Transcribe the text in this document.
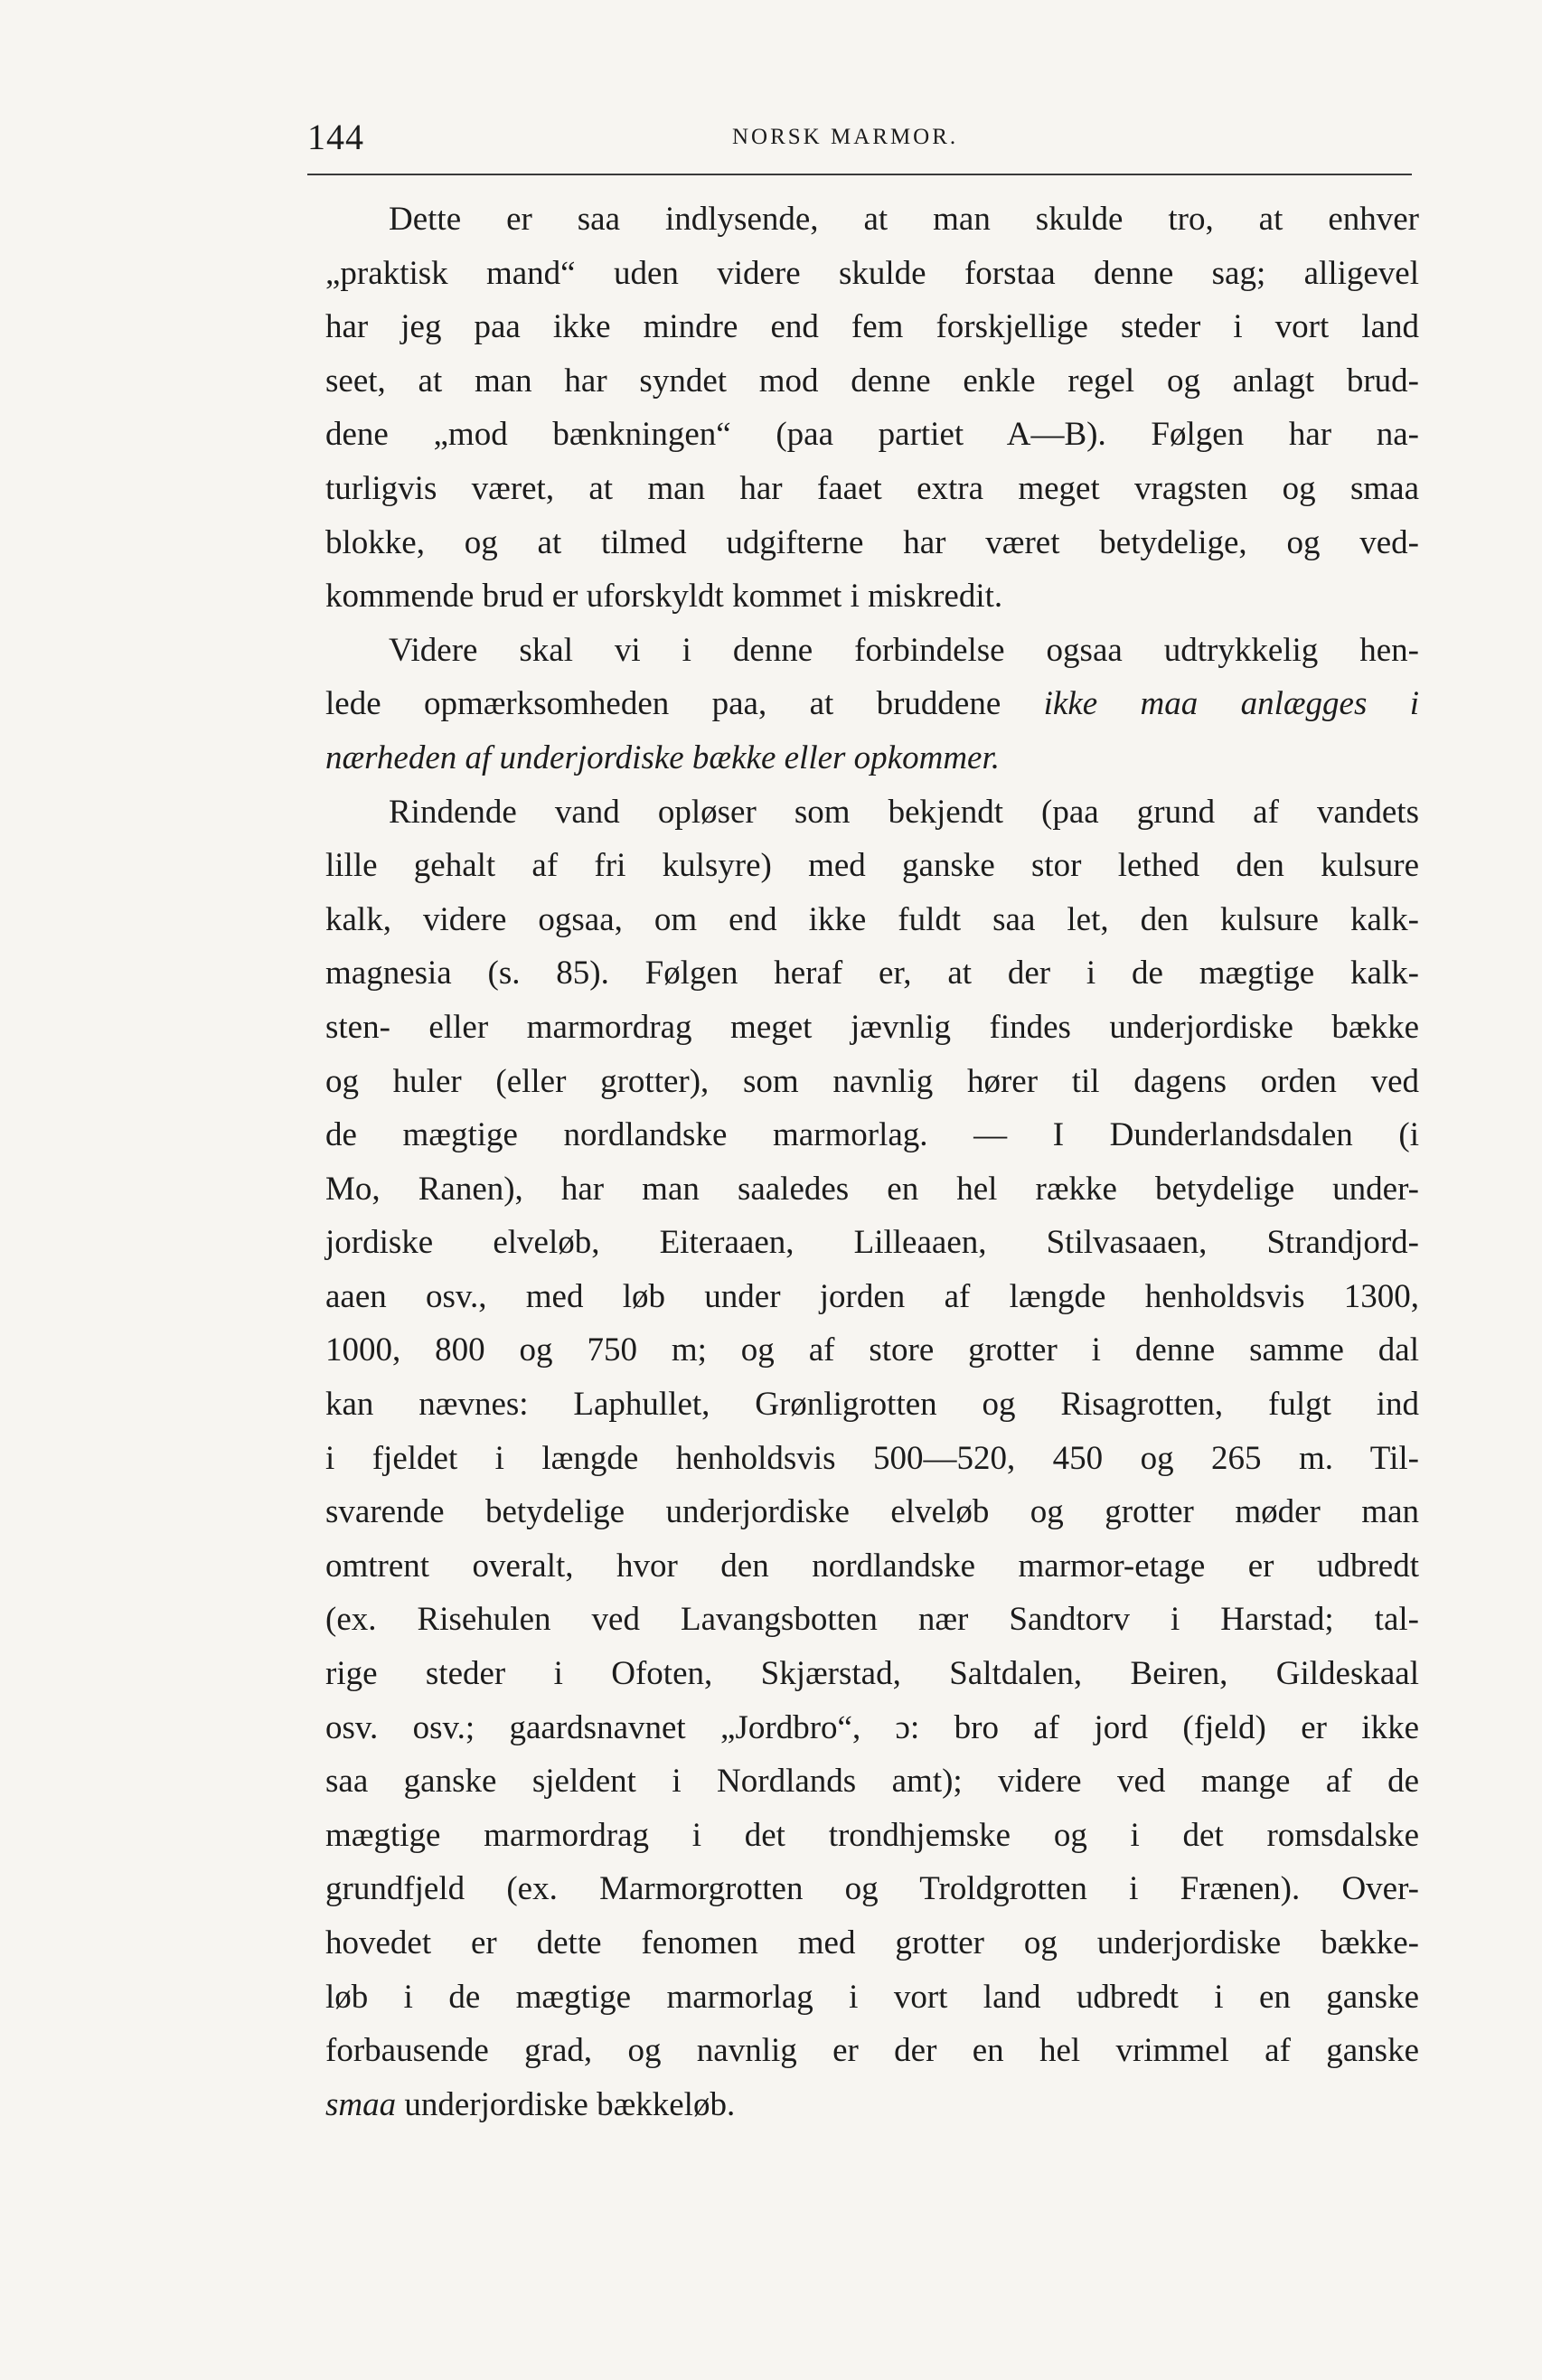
144	NORSK MARMOR.
Dette er saa indlysende, at man skulde tro, at enhver
„praktisk mand“ uden videre skulde forstaa denne sag; alligevel
har jeg paa ikke mindre end fem forskjellige steder i vort land
seet, at man har syndet mod denne enkle regel og anlagt brud-
dene „mod bænkningen“ (paa partiet A—B). Følgen har na-
turligvis været, at man har faaet extra meget vragsten og smaa
blokke, og at tilmed udgifterne har været betydelige, og ved-
kommende brud er uforskyldt kommet i miskredit.
Videre skal vi i denne forbindelse ogsaa udtrykkelig hen-
lede opmærksomheden paa, at bruddene ikke maa anlægges i
nærheden af underjordiske bække eller opkommer.
Rindende vand opløser som bekjendt (paa grund af vandets
lille gehalt af fri kulsyre) med ganske stor lethed den kulsure
kalk, videre ogsaa, om end ikke fuldt saa let, den kulsure kalk-
magnesia (s. 85). Følgen heraf er, at der i de mægtige kalk-
sten- eller marmordrag meget jævnlig findes underjordiske bække
og huler (eller grotter), som navnlig hører til dagens orden ved
de mægtige nordlandske marmorlag. — I Dunderlandsdalen (i
Mo, Ranen), har man saaledes en hel række betydelige under-
jordiske elveløb, Eiteraaen, Lilleaaen, Stilvasaaen, Strandjord-
aaen osv., med løb under jorden af længde henholdsvis 1300,
1000, 800 og 750 m; og af store grotter i denne samme dal
kan nævnes: Laphullet, Grønligrotten og Risagrotten, fulgt ind
i fjeldet i længde henholdsvis 500—520, 450 og 265 m. Til-
svarende betydelige underjordiske elveløb og grotter møder man
omtrent overalt, hvor den nordlandske marmor-etage er udbredt
(ex. Risehulen ved Lavangsbotten nær Sandtorv i Harstad; tal-
rige steder i Ofoten, Skjærstad, Saltdalen, Beiren, Gildeskaal
osv. osv.; gaardsnavnet „Jordbro“, ɔ: bro af jord (fjeld) er ikke
saa ganske sjeldent i Nordlands amt); videre ved mange af de
mægtige marmordrag i det trondhjemske og i det romsdalske
grundfjeld (ex. Marmorgrotten og Troldgrotten i Frænen). Over-
hovedet er dette fenomen med grotter og underjordiske bække-
løb i de mægtige marmorlag i vort land udbredt i en ganske
forbausende grad, og navnlig er der en hel vrimmel af ganske
smaa underjordiske bækkeløb.
